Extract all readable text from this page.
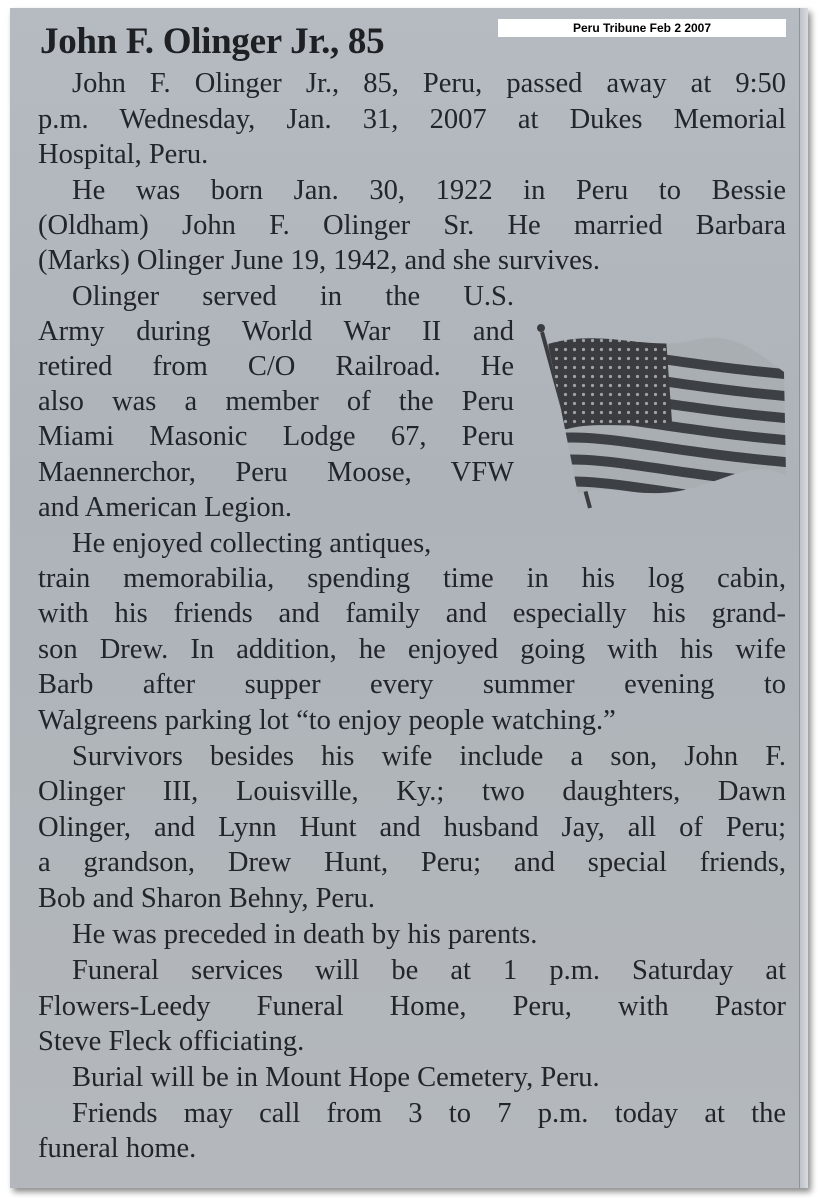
John F. Olinger Jr., 85
John F. Olinger Jr., 85, Peru, passed away at 9:50
p.m. Wednesday, Jan. 31, 2007 at Dukes Memorial
Hospital, Peru.
He was born Jan. 30, 1922 in Peru to Bessie
(Oldham) John F. Olinger Sr. He married Barbara
(Marks) Olinger June 19, 1942, and she survives.
Olinger served in the U.S.
Army during World War II and
retired from C/O Railroad. He
also was a member of the Peru
Miami Masonic Lodge 67, Peru
Maennerchor, Peru Moose, VFW
and American Legion.
He enjoyed collecting antiques,
train memorabilia, spending time in his log cabin,
with his friends and family and especially his grand-
son Drew. In addition, he enjoyed going with his wife
Barb after supper every summer evening to
Walgreens parking lot “to enjoy people watching.”
Survivors besides his wife include a son, John F.
Olinger III, Louisville, Ky.; two daughters, Dawn
Olinger, and Lynn Hunt and husband Jay, all of Peru;
a grandson, Drew Hunt, Peru; and special friends,
Bob and Sharon Behny, Peru.
He was preceded in death by his parents.
Funeral services will be at 1 p.m. Saturday at
Flowers-Leedy Funeral Home, Peru, with Pastor
Steve Fleck officiating.
Burial will be in Mount Hope Cemetery, Peru.
Friends may call from 3 to 7 p.m. today at the
funeral home.
Peru Tribune Feb 2 2007
